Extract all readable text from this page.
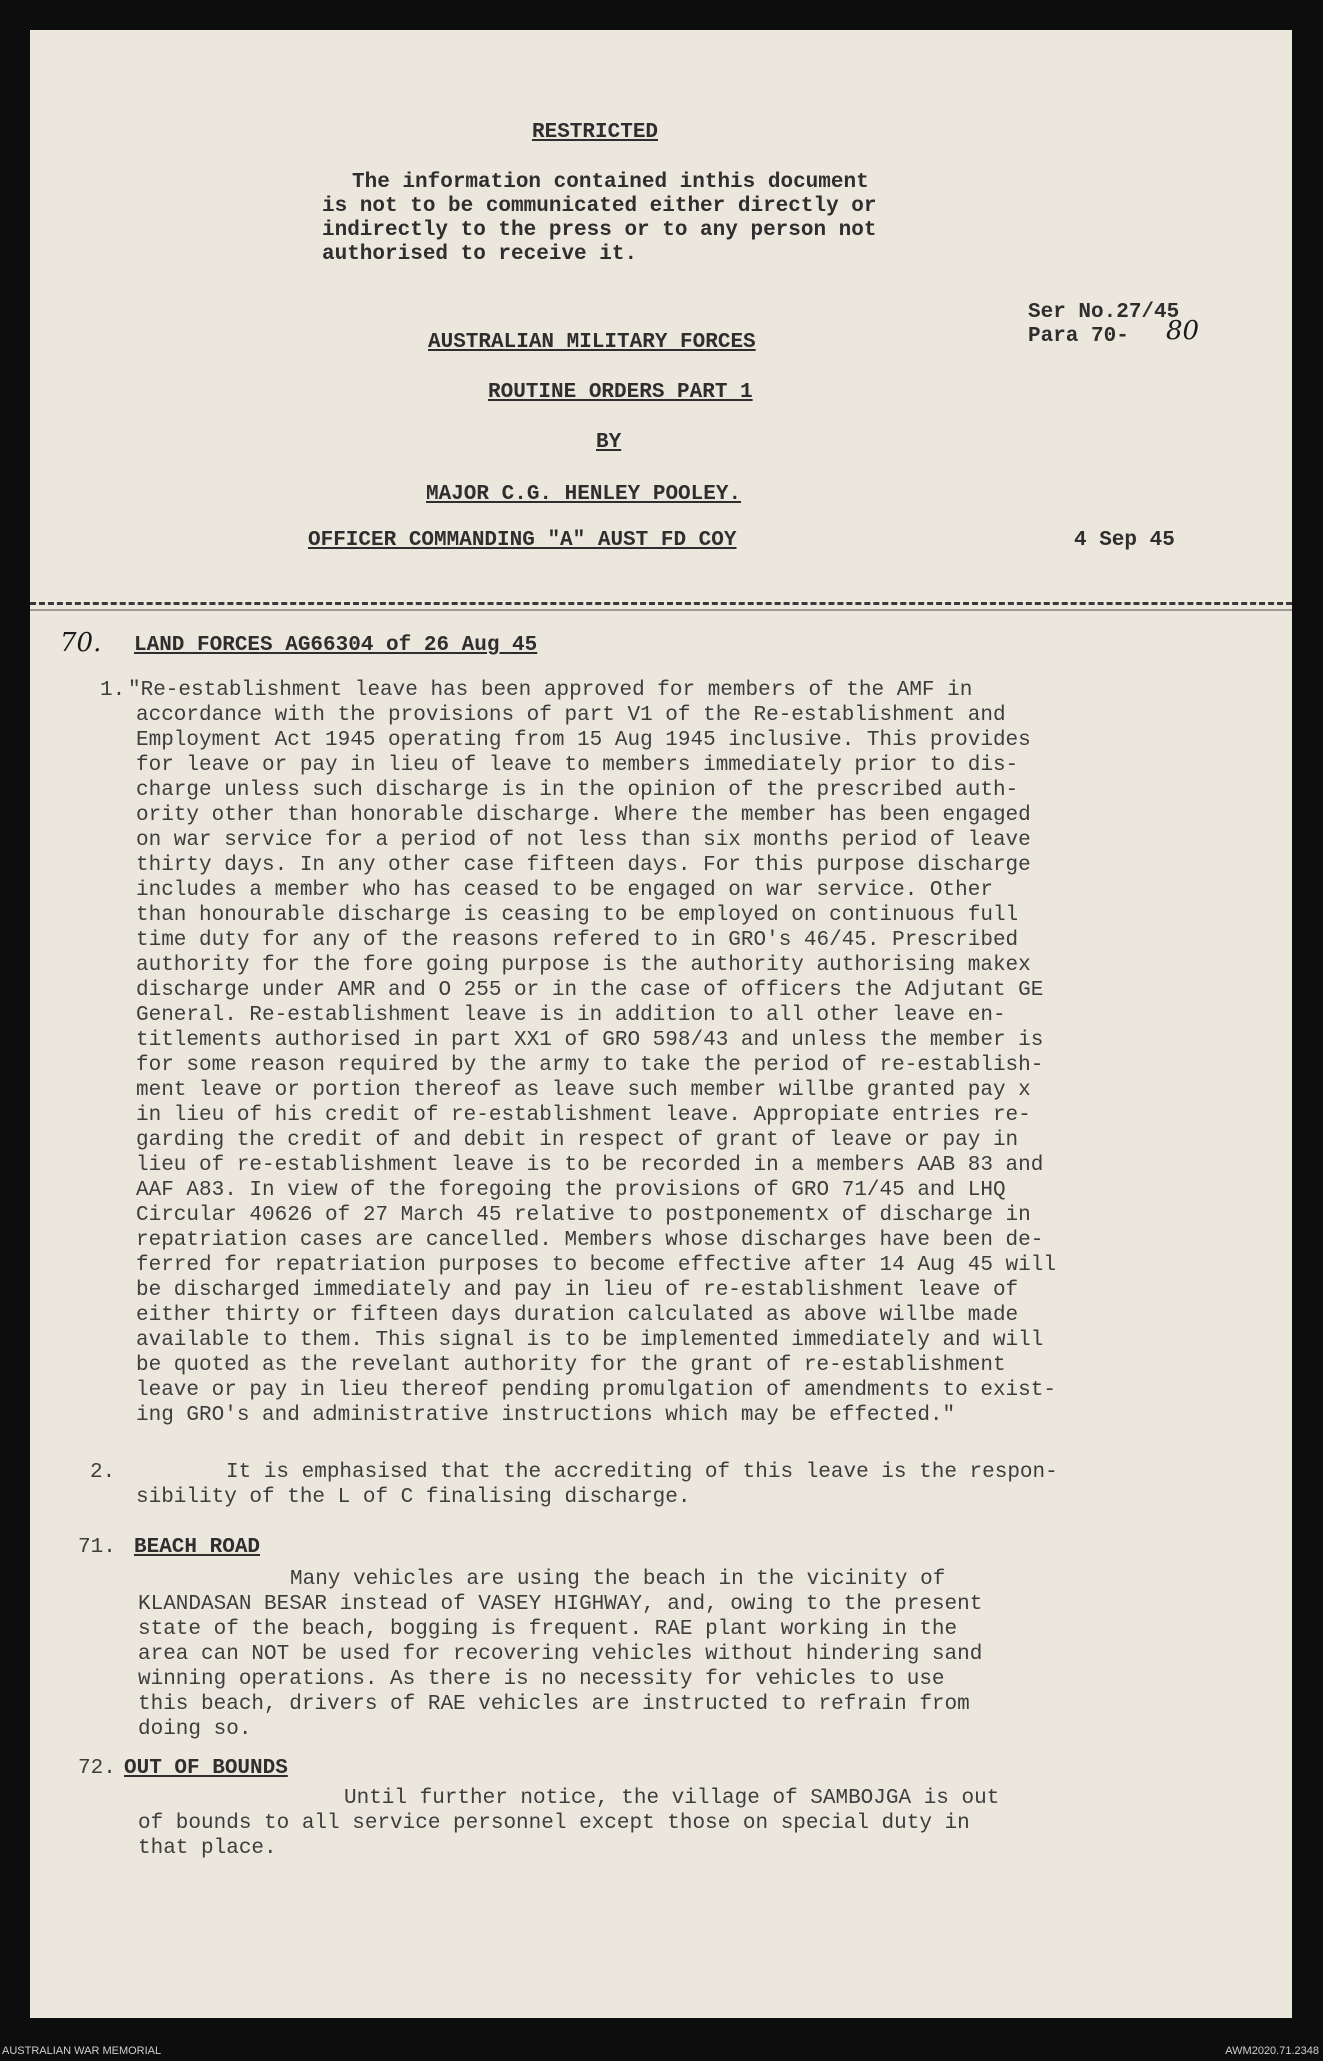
RESTRICTED
The information contained inthis document
is not to be communicated either directly or
indirectly to the press or to any person not
authorised to receive it.
Ser No.27/45
Para 70- 80
AUSTRALIAN MILITARY FORCES
ROUTINE ORDERS PART 1
BY
MAJOR C.G. HENLEY POOLEY.
OFFICER COMMANDING "A" AUST FD COY	4 Sep 45
70. LAND FORCES AG66304 of 26 Aug 45
1. "Re-establishment leave has been approved for members of the AMF in
accordance with the provisions of part V1 of the Re-establishment and
Employment Act 1945 operating from 15 Aug 1945 inclusive. This provides
for leave or pay in lieu of leave to members immediately prior to dis-
charge unless such discharge is in the opinion of the prescribed auth-
ority other than honorable discharge. Where the member has been engaged
on war service for a period of not less than six months period of leave
thirty days. In any other case fifteen days. For this purpose discharge
includes a member who has ceased to be engaged on war service. Other
than honourable discharge is ceasing to be employed on continuous full
time duty for any of the reasons refered to in GRO's 46/45. Prescribed
authority for the fore going purpose is the authority authorising makex
discharge under AMR and O 255 or in the case of officers the Adjutant GE
General. Re-establishment leave is in addition to all other leave en-
titlements authorised in part XX1 of GRO 598/43 and unless the member is
for some reason required by the army to take the period of re-establish-
ment leave or portion thereof as leave such member willbe granted pay x
in lieu of his credit of re-establishment leave. Appropiate entries re-
garding the credit of and debit in respect of grant of leave or pay in
lieu of re-establishment leave is to be recorded in a members AAB 83 and
AAF A83. In view of the foregoing the provisions of GRO 71/45 and LHQ
Circular 40626 of 27 March 45 relative to postponementx of discharge in
repatriation cases are cancelled. Members whose discharges have been de-
ferred for repatriation purposes to become effective after 14 Aug 45 will
be discharged immediately and pay in lieu of re-establishment leave of
either thirty or fifteen days duration calculated as above willbe made
available to them. This signal is to be implemented immediately and will
be quoted as the revelant authority for the grant of re-establishment
leave or pay in lieu thereof pending promulgation of amendments to exist-
ing GRO's and administrative instructions which may be effected."
2.	It is emphasised that the accrediting of this leave is the respon-
sibility of the L of C finalising discharge.
71. BEACH ROAD
Many vehicles are using the beach in the vicinity of
KLANDASAN BESAR instead of VASEY HIGHWAY, and, owing to the present
state of the beach, bogging is frequent. RAE plant working in the
area can NOT be used for recovering vehicles without hindering sand
winning operations. As there is no necessity for vehicles to use
this beach, drivers of RAE vehicles are instructed to refrain from
doing so.
72. OUT OF BOUNDS
Until further notice, the village of SAMBOJGA is out
of bounds to all service personnel except those on special duty in
that place.
AUSTRALIAN WAR MEMORIAL	AWM2020.71.2348
